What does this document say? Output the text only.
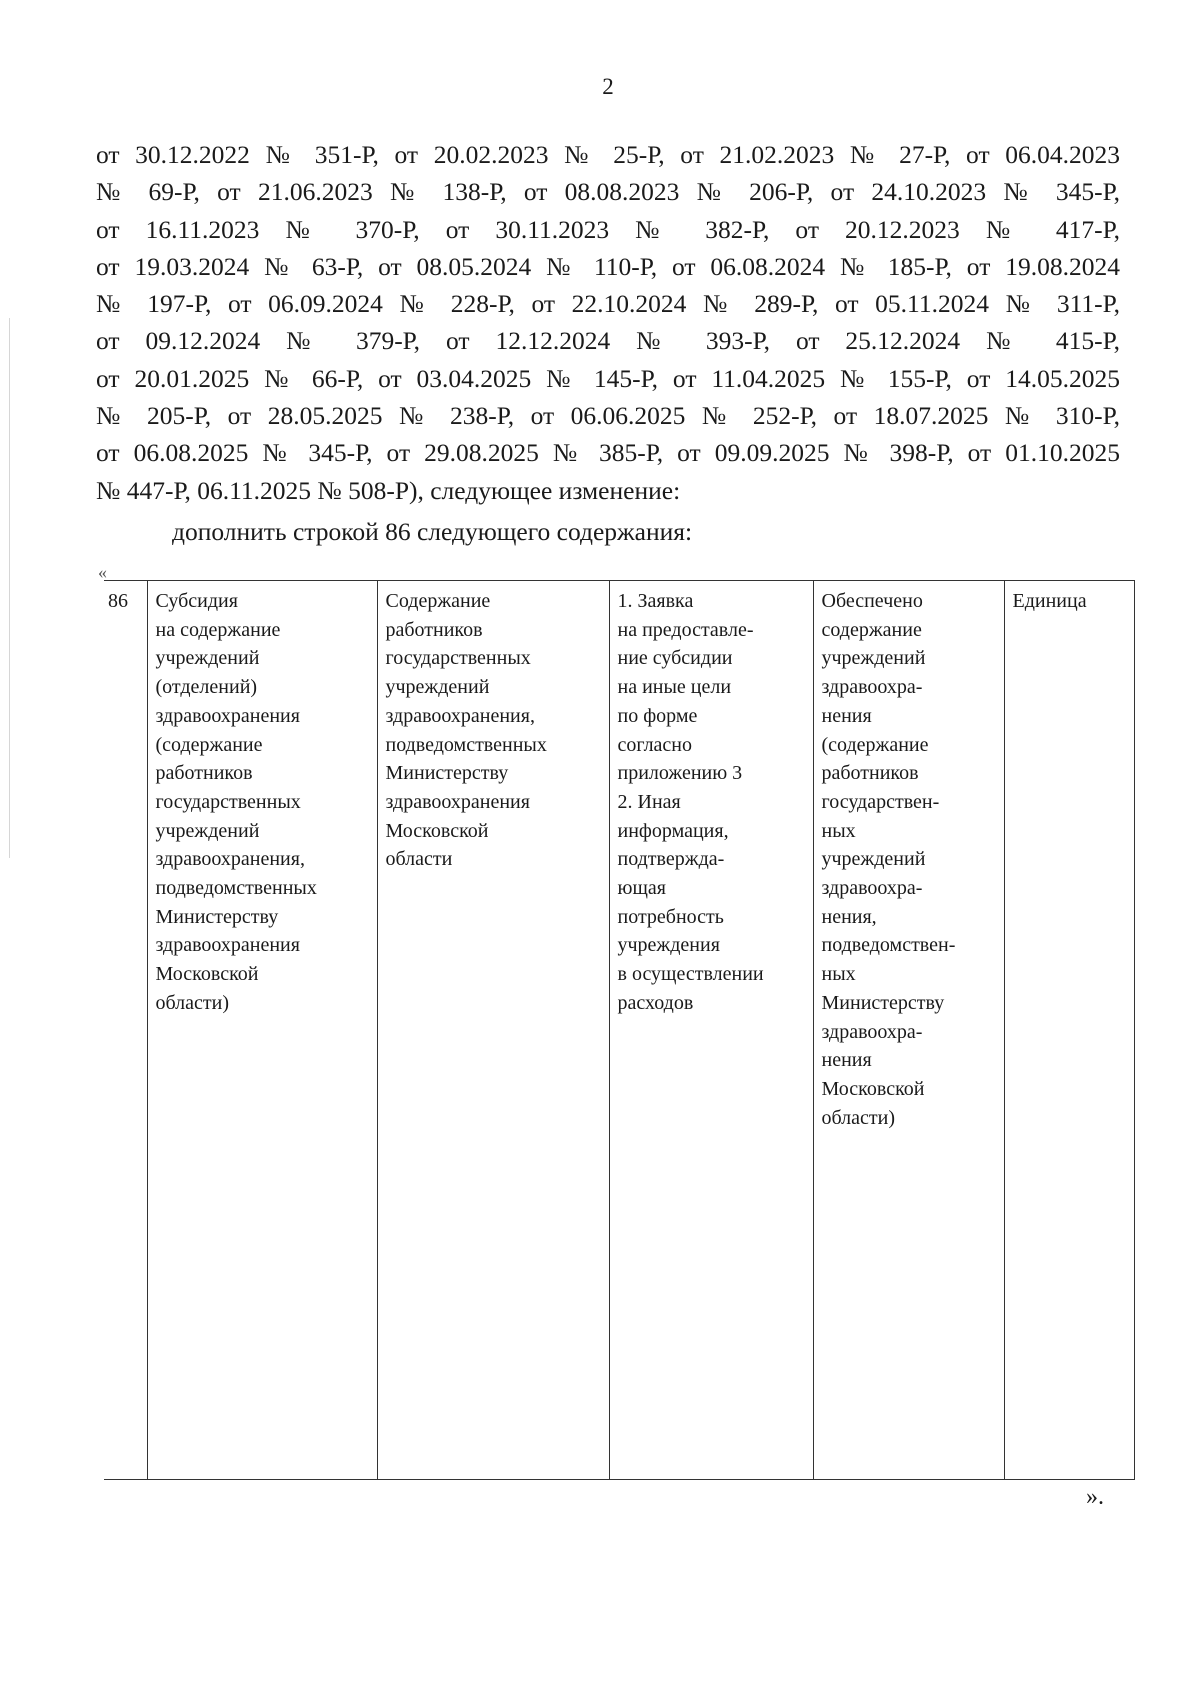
2
от 30.12.2022 № 351-Р, от 20.02.2023 № 25-Р, от 21.02.2023 № 27-Р, от 06.04.2023
№ 69-Р, от 21.06.2023 № 138-Р, от 08.08.2023 № 206-Р, от 24.10.2023 № 345-Р,
от 16.11.2023 № 370-Р, от 30.11.2023 № 382-Р, от 20.12.2023 № 417-Р,
от 19.03.2024 № 63-Р, от 08.05.2024 № 110-Р, от 06.08.2024 № 185-Р, от 19.08.2024
№ 197-Р, от 06.09.2024 № 228-Р, от 22.10.2024 № 289-Р, от 05.11.2024 № 311-Р,
от 09.12.2024 № 379-Р, от 12.12.2024 № 393-Р, от 25.12.2024 № 415-Р,
от 20.01.2025 № 66-Р, от 03.04.2025 № 145-Р, от 11.04.2025 № 155-Р, от 14.05.2025
№ 205-Р, от 28.05.2025 № 238-Р, от 06.06.2025 № 252-Р, от 18.07.2025 № 310-Р,
от 06.08.2025 № 345-Р, от 29.08.2025 № 385-Р, от 09.09.2025 № 398-Р, от 01.10.2025
№ 447-Р, 06.11.2025 № 508-Р), следующее изменение:
дополнить строкой 86 следующего содержания:
«
86	Субсидия
на содержание
учреждений
(отделений)
здравоохранения
(содержание
работников
государственных
учреждений
здравоохранения,
подведомственных
Министерству
здравоохранения
Московской
области)	Содержание
работников
государственных
учреждений
здравоохранения,
подведомственных
Министерству
здравоохранения
Московской
области	1. Заявка
на предоставле-
ние субсидии
на иные цели
по форме
согласно
приложению 3
2. Иная
информация,
подтвержда-
ющая
потребность
учреждения
в осуществлении
расходов	Обеспечено
содержание
учреждений
здравоохра-
нения
(содержание
работников
государствен-
ных
учреждений
здравоохра-
нения,
подведомствен-
ных
Министерству
здравоохра-
нения
Московской
области)	Единица
».
